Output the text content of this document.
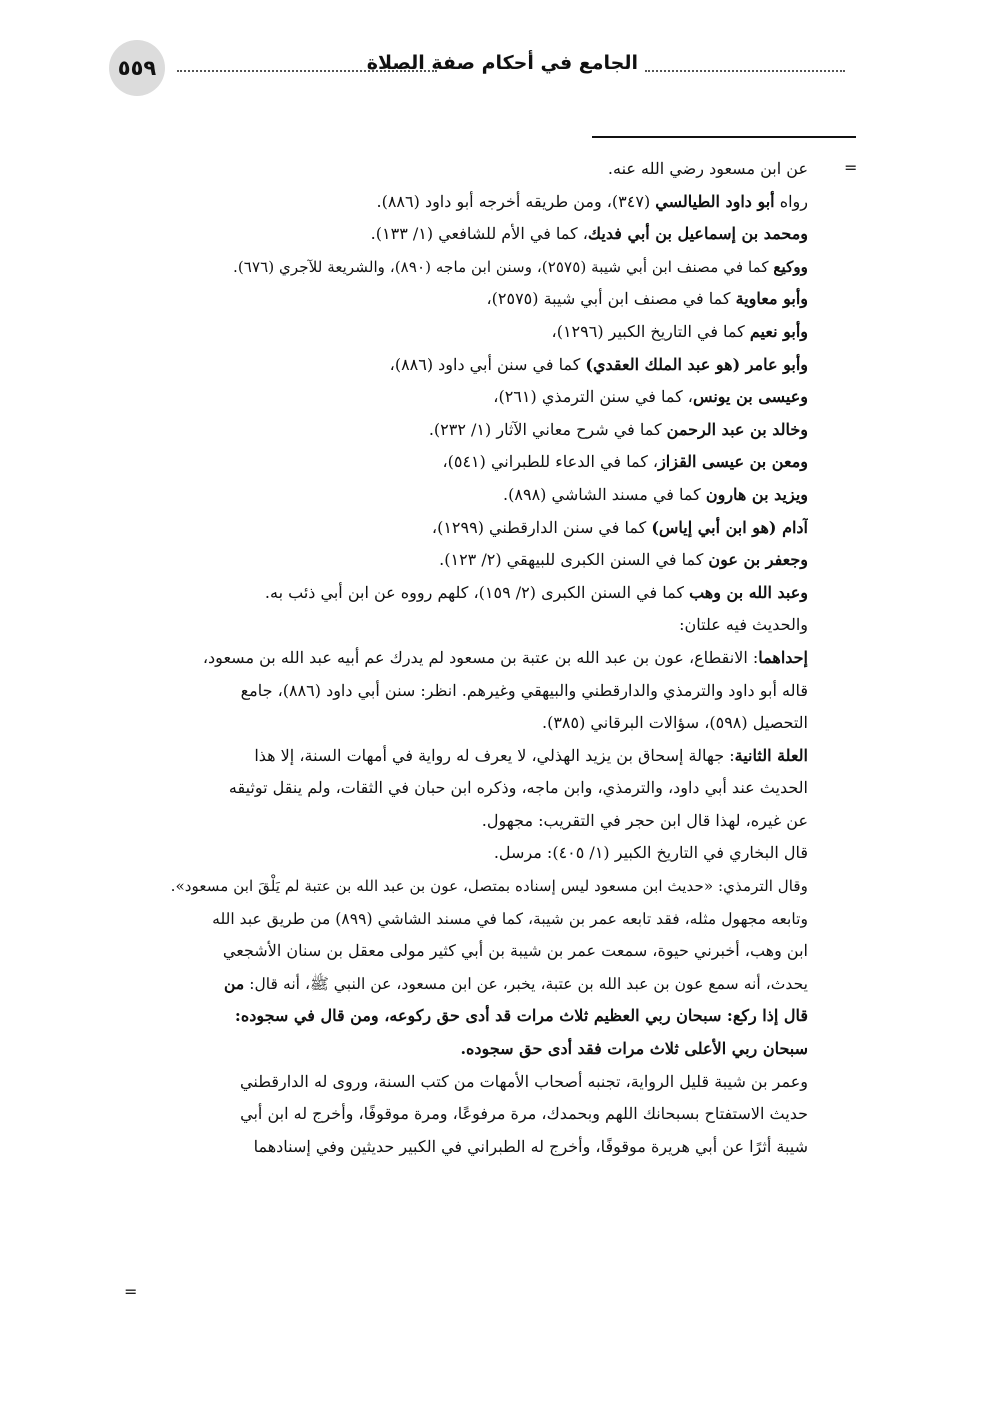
٥٥٩	الجامع في أحكام صفة الصلاة
=
=
عن ابن مسعود رضي الله عنه.
رواه أبو داود الطيالسي (٣٤٧)، ومن طريقه أخرجه أبو داود (٨٨٦).
ومحمد بن إسماعيل بن أبي فديك، كما في الأم للشافعي (١/ ١٣٣).
ووكيع كما في مصنف ابن أبي شيبة (٢٥٧٥)، وسنن ابن ماجه (٨٩٠)، والشريعة للآجري (٦٧٦).
وأبو معاوية كما في مصنف ابن أبي شيبة (٢٥٧٥)،
وأبو نعيم كما في التاريخ الكبير (١٢٩٦)،
وأبو عامر (هو عبد الملك العقدي) كما في سنن أبي داود (٨٨٦)،
وعيسى بن يونس، كما في سنن الترمذي (٢٦١)،
وخالد بن عبد الرحمن كما في شرح معاني الآثار (١/ ٢٣٢).
ومعن بن عيسى القزاز، كما في الدعاء للطبراني (٥٤١)،
ويزيد بن هارون كما في مسند الشاشي (٨٩٨).
آدام (هو ابن أبي إياس) كما في سنن الدارقطني (١٢٩٩)،
وجعفر بن عون كما في السنن الكبرى للبيهقي (٢/ ١٢٣).
وعبد الله بن وهب كما في السنن الكبرى (٢/ ١٥٩)، كلهم رووه عن ابن أبي ذئب به.
والحديث فيه علتان:
إحداهما: الانقطاع، عون بن عبد الله بن عتبة بن مسعود لم يدرك عم أبيه عبد الله بن مسعود،
قاله أبو داود والترمذي والدارقطني والبيهقي وغيرهم. انظر: سنن أبي داود (٨٨٦)، جامع
التحصيل (٥٩٨)، سؤالات البرقاني (٣٨٥).
العلة الثانية: جهالة إسحاق بن يزيد الهذلي، لا يعرف له رواية في أمهات السنة، إلا هذا
الحديث عند أبي داود، والترمذي، وابن ماجه، وذكره ابن حبان في الثقات، ولم ينقل توثيقه
عن غيره، لهذا قال ابن حجر في التقريب: مجهول.
قال البخاري في التاريخ الكبير (١/ ٤٠٥): مرسل.
وقال الترمذي: «حديث ابن مسعود ليس إسناده بمتصل، عون بن عبد الله بن عتبة لم يَلْقَ ابن مسعود».
وتابعه مجهول مثله، فقد تابعه عمر بن شيبة، كما في مسند الشاشي (٨٩٩) من طريق عبد الله
ابن وهب، أخبرني حيوة، سمعت عمر بن شيبة بن أبي كثير مولى معقل بن سنان الأشجعي
يحدث، أنه سمع عون بن عبد الله بن عتبة، يخبر، عن ابن مسعود، عن النبي ﷺ، أنه قال: من
قال إذا ركع: سبحان ربي العظيم ثلاث مرات قد أدى حق ركوعه، ومن قال في سجوده:
سبحان ربي الأعلى ثلاث مرات فقد أدى حق سجوده.
وعمر بن شيبة قليل الرواية، تجنبه أصحاب الأمهات من كتب السنة، وروى له الدارقطني
حديث الاستفتاح بسبحانك اللهم وبحمدك، مرة مرفوعًا، ومرة موقوفًا، وأخرج له ابن أبي
شيبة أثرًا عن أبي هريرة موقوفًا، وأخرج له الطبراني في الكبير حديثين وفي إسنادهما
